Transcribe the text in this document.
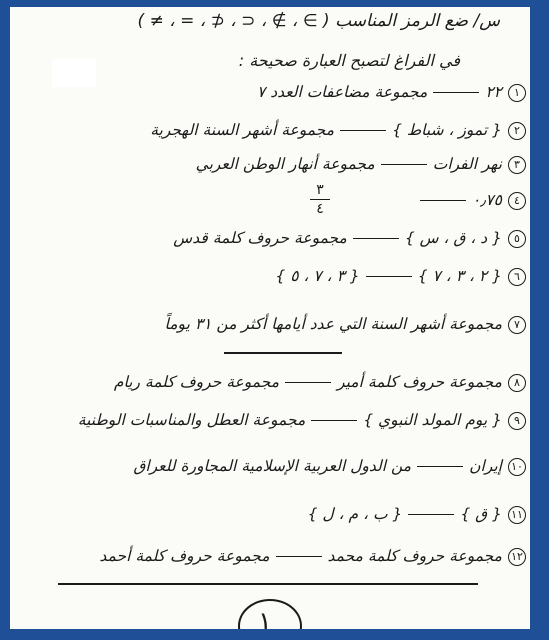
س/ ضع الرمز المناسب ( ∋ ، ∌ ، ⊂ ، ⊄ ، = ، ≠ )
في الفراغ لتصبح العبارة صحيحة :
١٢٢مجموعة مضاعفات العدد ٧
٢{ تموز ، شباط }مجموعة أشهر السنة الهجرية
٣نهر الفراتمجموعة أنهار الوطن العربي
٤٠٫٧٥
٣
٤
٥{ د ، ق ، س }مجموعة حروف كلمة قدس
٦{ ٢ ، ٣ ، ٧ }{ ٣ ، ٧ ، ٥ }
٧مجموعة أشهر السنة التي عدد أيامها أكثر من ٣١ يوماً
٨مجموعة حروف كلمة أميرمجموعة حروف كلمة ريام
٩{ يوم المولد النبوي }مجموعة العطل والمناسبات الوطنية
١٠إيرانمن الدول العربية الإسلامية المجاورة للعراق
١١{ ق }{ ب ، م ، ل }
١٢مجموعة حروف كلمة محمدمجموعة حروف كلمة أحمد
١
